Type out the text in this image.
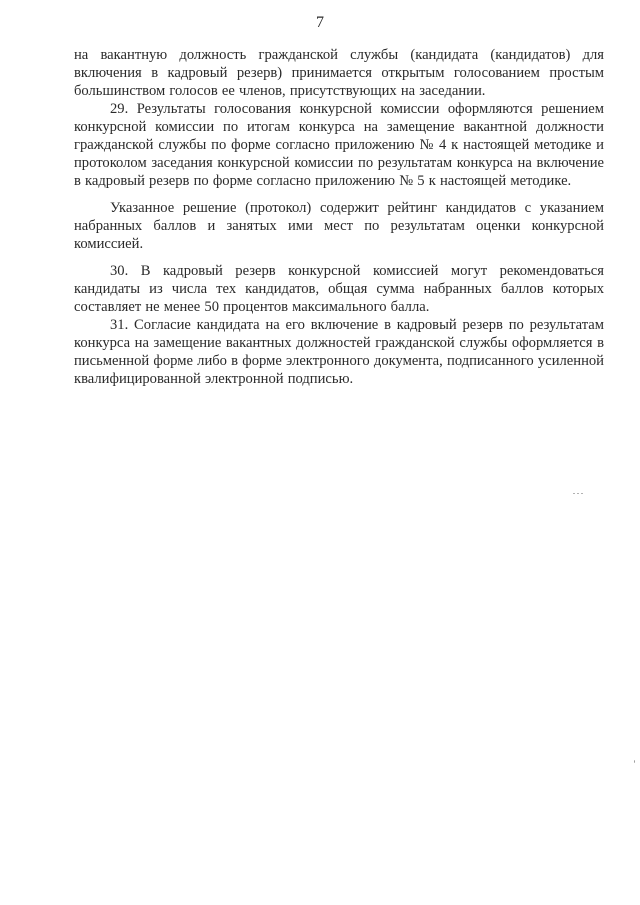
7

на вакантную должность гражданской службы (кандидата (кандидатов) для включения в кадровый резерв) принимается открытым голосованием простым большинством голосов ее членов, присутствующих на заседании.

29. Результаты голосования конкурсной комиссии оформляются решением конкурсной комиссии по итогам конкурса на замещение вакантной должности гражданской службы по форме согласно приложению № 4 к настоящей методике и протоколом заседания конкурсной комиссии по результатам конкурса на включение в кадровый резерв по форме согласно приложению № 5 к настоящей методике.

Указанное решение (протокол) содержит рейтинг кандидатов с указанием набранных баллов и занятых ими мест по результатам оценки конкурсной комиссией.

30. В кадровый резерв конкурсной комиссией могут рекомендоваться кандидаты из числа тех кандидатов, общая сумма набранных баллов которых составляет не менее 50 процентов максимального балла.

31. Согласие кандидата на его включение в кадровый резерв по результатам конкурса на замещение вакантных должностей гражданской службы оформляется в письменной форме либо в форме электронного документа, подписанного усиленной квалифицированной электронной подписью.
